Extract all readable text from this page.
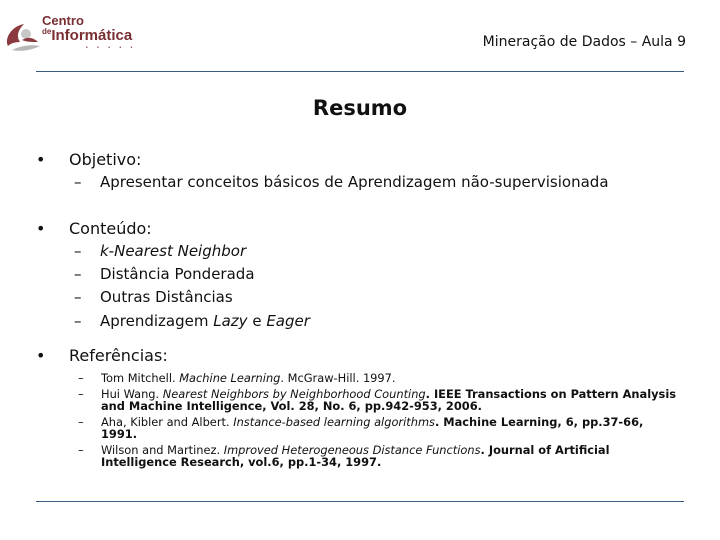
Centro
$^{de}$Informática
• • • • •	Mineração de Dados – Aula 9
Resumo
• Objetivo:
– Apresentar conceitos básicos de Aprendizagem não-supervisionada
• Conteúdo:
– k-Nearest Neighbor
– Distância Ponderada
– Outras Distâncias
– Aprendizagem Lazy e Eager
• Referências:
–	Tom Mitchell. Machine Learning. McGraw-Hill. 1997.
–	Hui Wang. Nearest Neighbors by Neighborhood Counting. IEEE Transactions on Pattern Analysis and Machine Intelligence, Vol. 28, No. 6, pp.942-953, 2006.
–	Aha, Kibler and Albert. Instance-based learning algorithms. Machine Learning, 6, pp.37-66, 1991.
–	Wilson and Martinez. Improved Heterogeneous Distance Functions. Journal of Artificial Intelligence Research, vol.6, pp.1-34, 1997.
